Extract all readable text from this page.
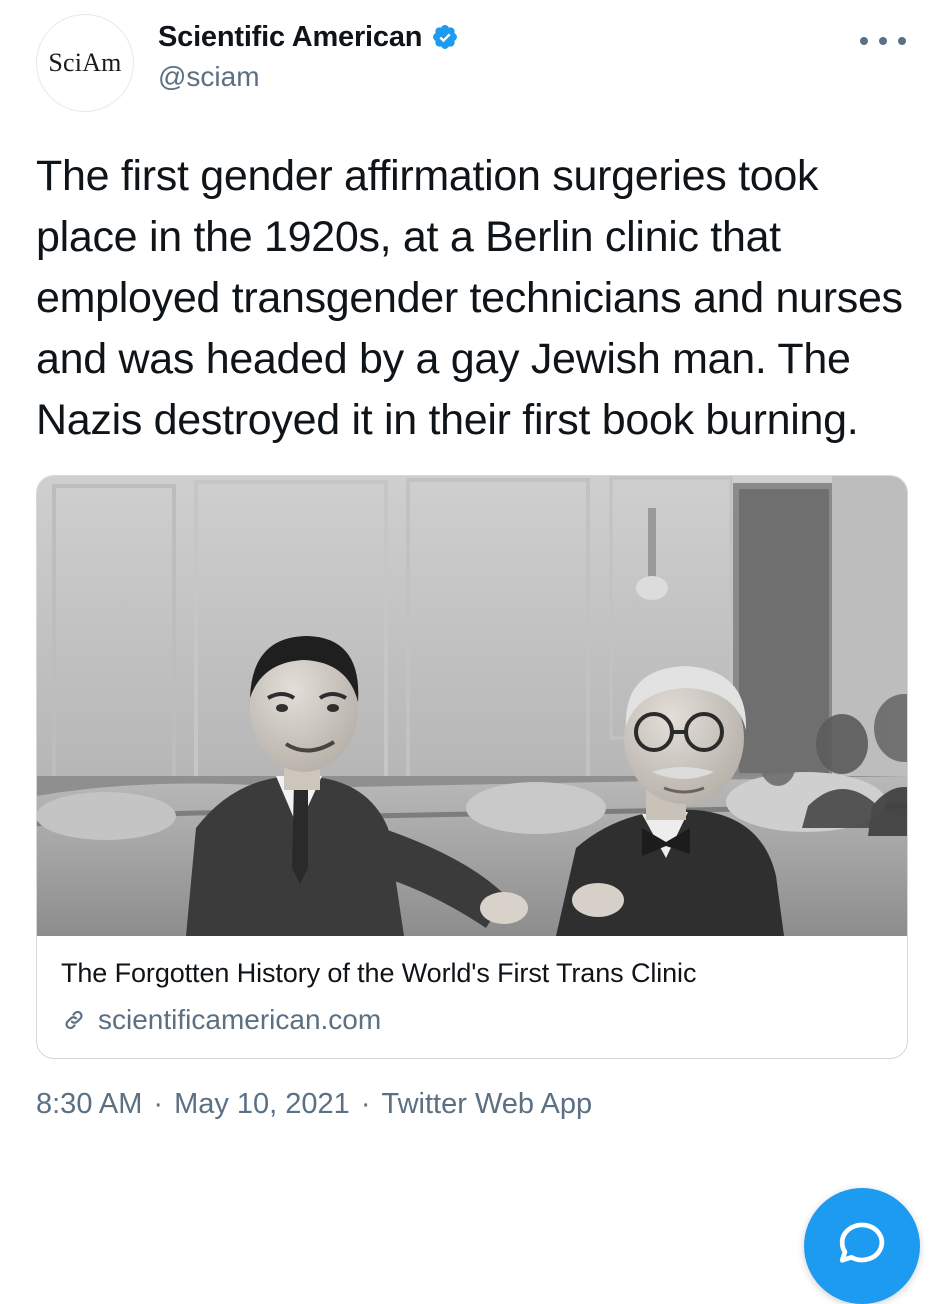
SciAm
Scientific American
@sciam
The first gender affirmation surgeries took place in the 1920s, at a Berlin clinic that employed transgender technicians and nurses and was headed by a gay Jewish man. The Nazis destroyed it in their first book burning.
The Forgotten History of the World's First Trans Clinic
scientificamerican.com
8:30 AM · May 10, 2021 · Twitter Web App
